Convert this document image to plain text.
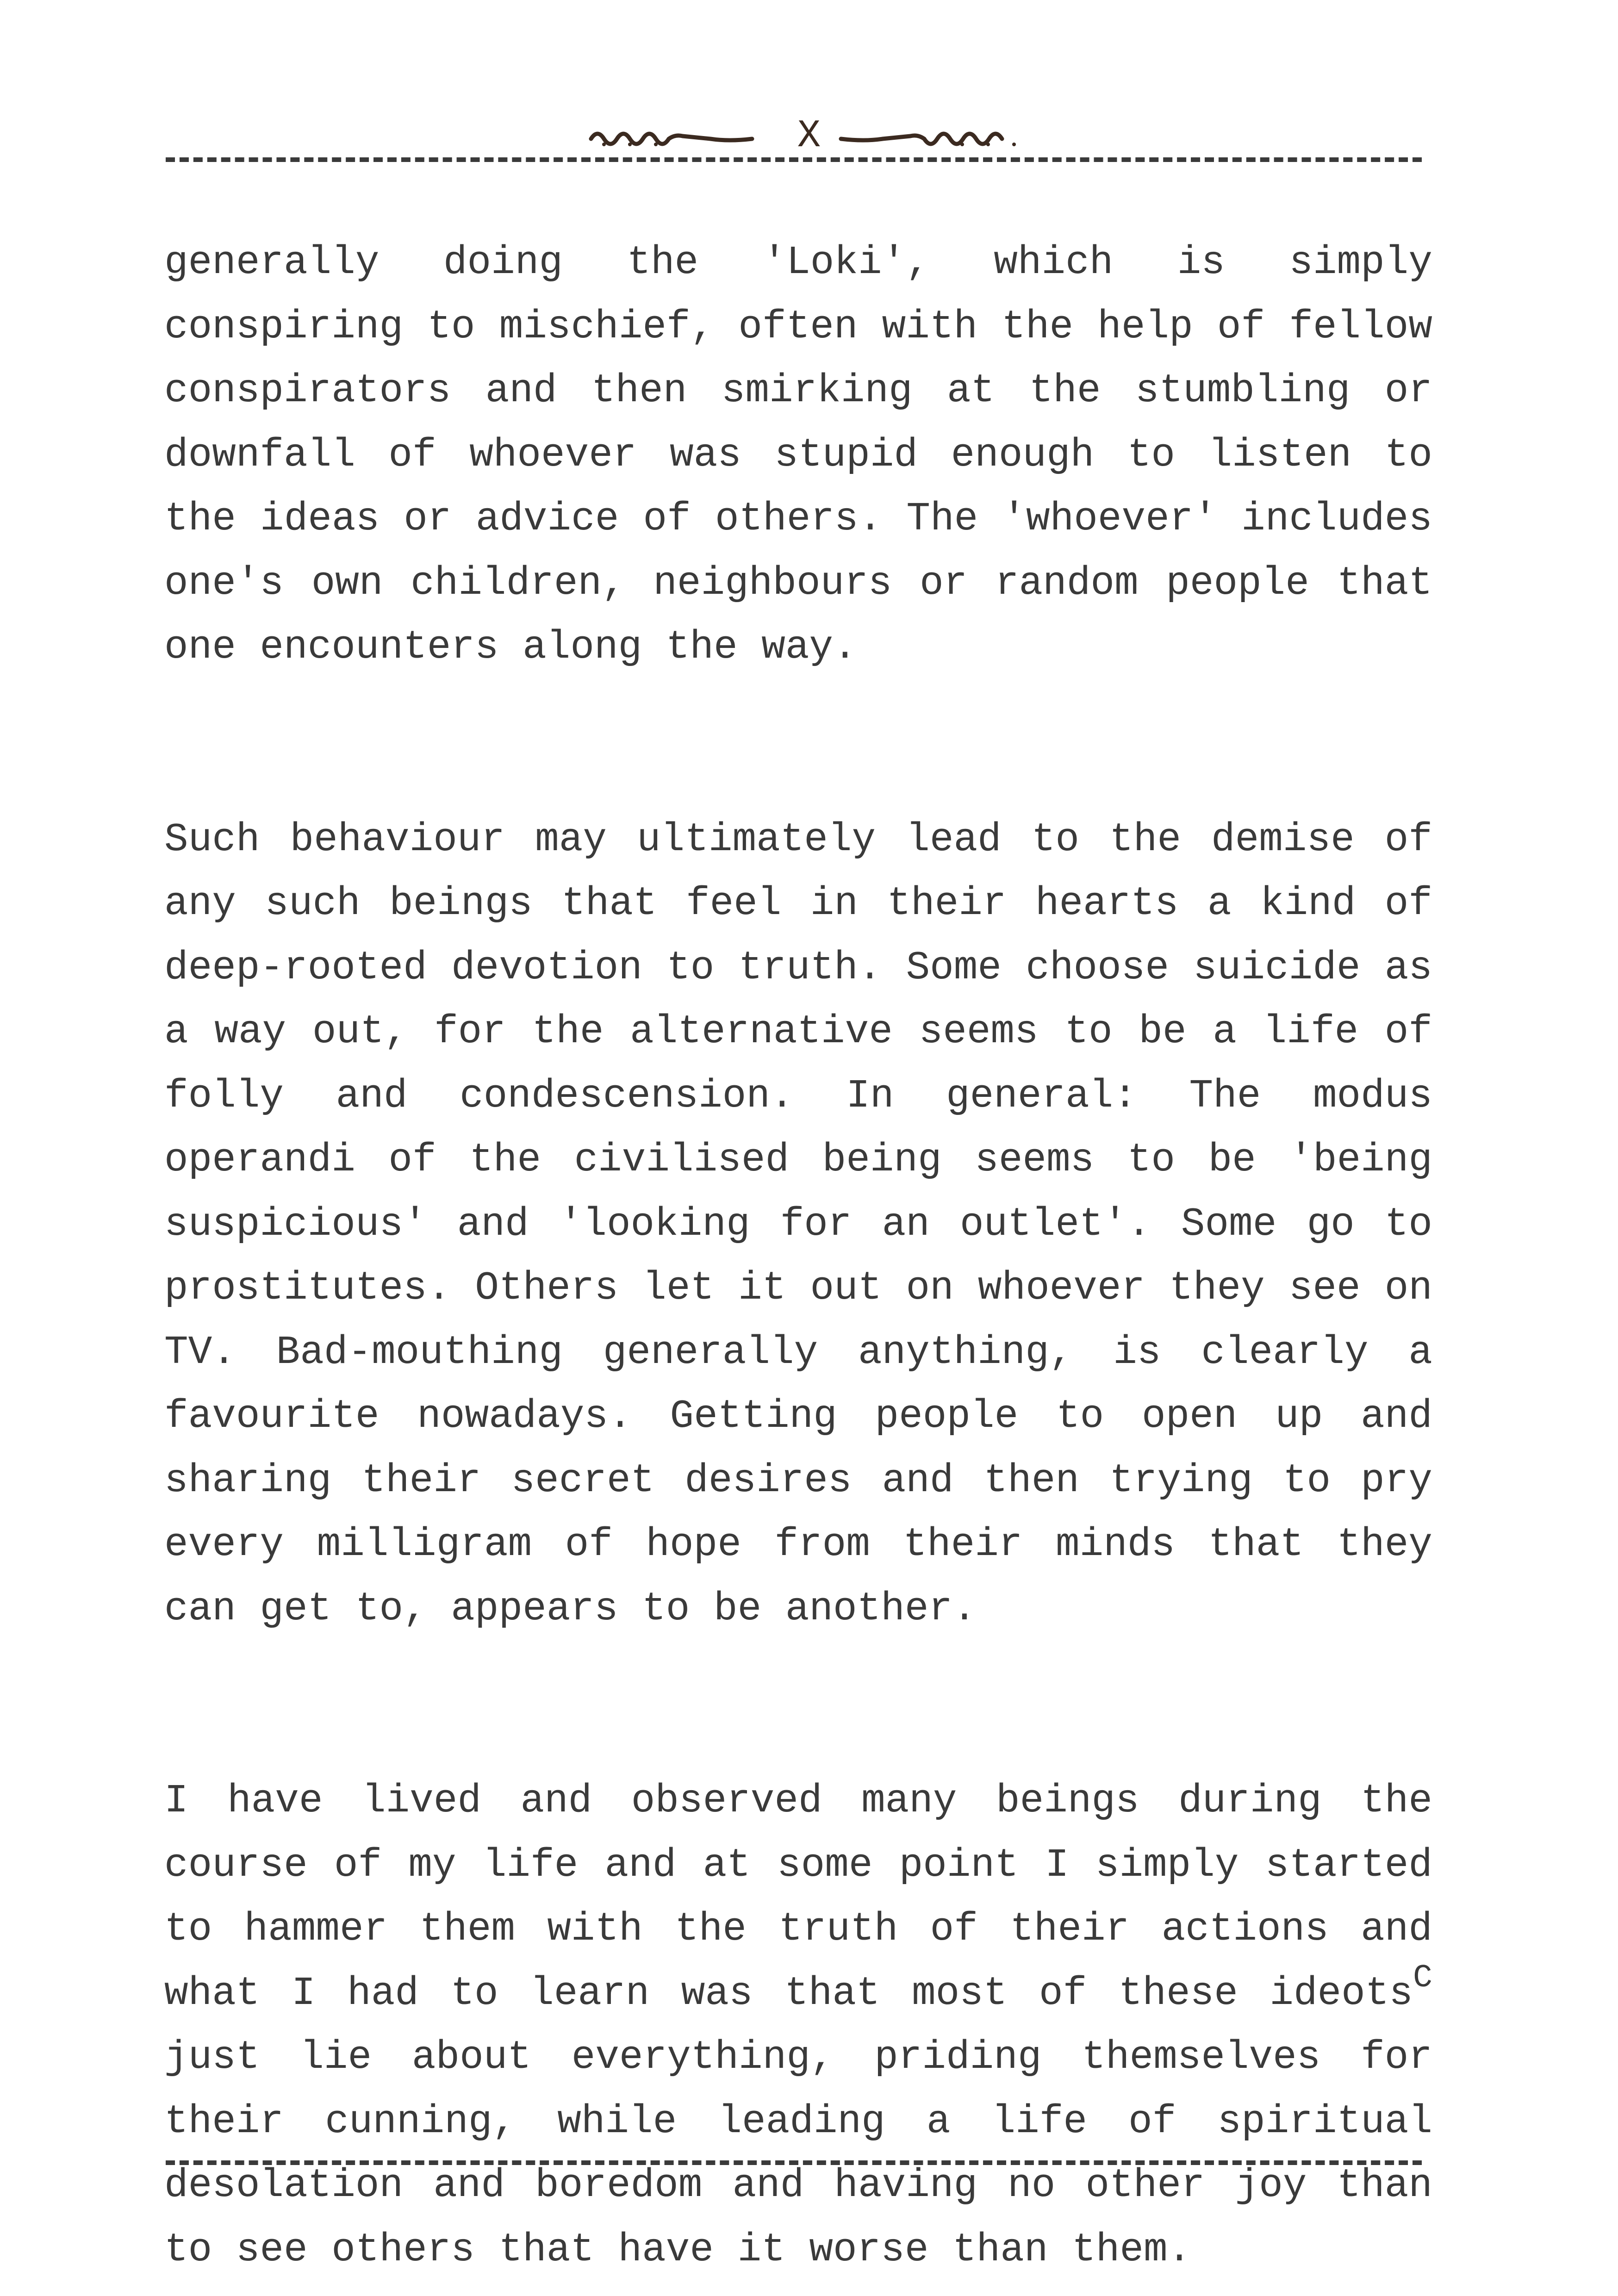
X

generally doing the 'Loki', which is simply conspiring to mischief, often with the help of fellow conspirators and then smirking at the stumbling or downfall of whoever was stupid enough to listen to the ideas or advice of others. The 'whoever' includes one's own children, neighbours or random people that one encounters along the way.

Such behaviour may ultimately lead to the demise of any such beings that feel in their hearts a kind of deep-rooted devotion to truth. Some choose suicide as a way out, for the alternative seems to be a life of folly and condescension. In general: The modus operandi of the civilised being seems to be 'being suspicious' and 'looking for an outlet'. Some go to prostitutes. Others let it out on whoever they see on TV. Bad-mouthing generally anything, is clearly a favourite nowadays. Getting people to open up and sharing their secret desires and then trying to pry every milligram of hope from their minds that they can get to, appears to be another.

I have lived and observed many beings during the course of my life and at some point I simply started to hammer them with the truth of their actions and what I had to learn was that most of these ideots$^C$ just lie about everything, priding themselves for their cunning, while leading a life of spiritual desolation and boredom and having no other joy than to see others that have it worse than them.
